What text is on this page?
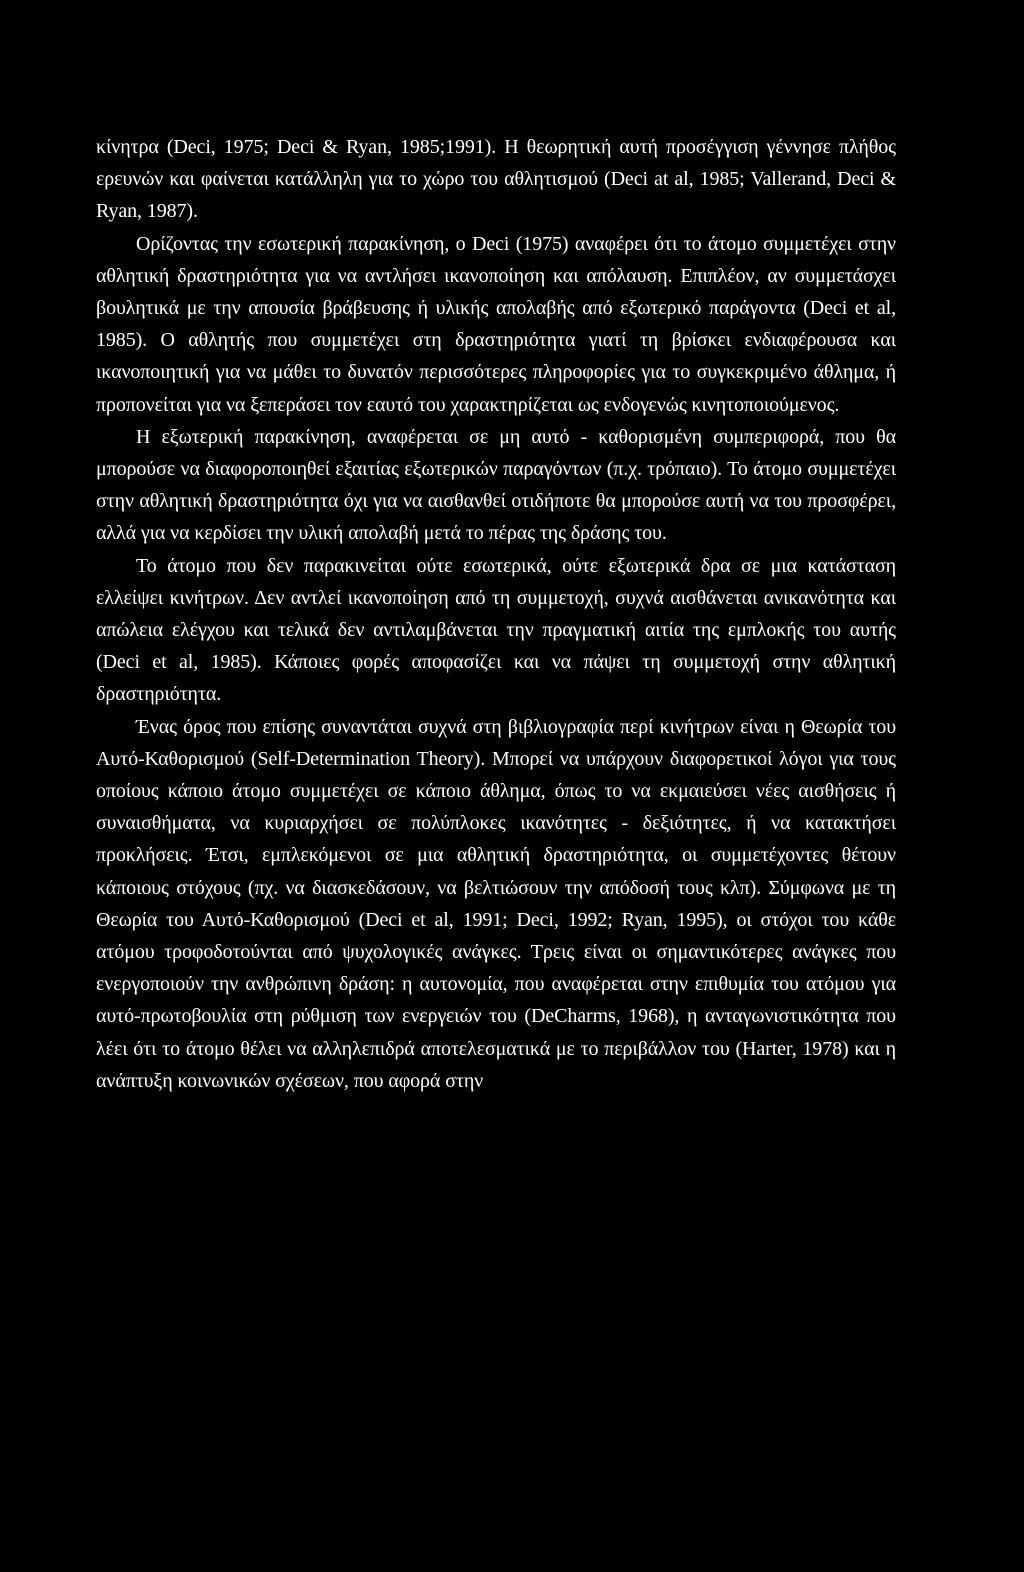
κίνητρα (Deci, 1975; Deci & Ryan, 1985;1991). Η θεωρητική αυτή προσέγγιση γέννησε πλήθος ερευνών και φαίνεται κατάλληλη για το χώρο του αθλητισμού (Deci at al, 1985; Vallerand, Deci & Ryan, 1987).

Ορίζοντας την εσωτερική παρακίνηση, ο Deci (1975) αναφέρει ότι το άτομο συμμετέχει στην αθλητική δραστηριότητα για να αντλήσει ικανοποίηση και απόλαυση. Επιπλέον, αν συμμετάσχει βουλητικά με την απουσία βράβευσης ή υλικής απολαβής από εξωτερικό παράγοντα (Deci et al, 1985). Ο αθλητής που συμμετέχει στη δραστηριότητα γιατί τη βρίσκει ενδιαφέρουσα και ικανοποιητική για να μάθει το δυνατόν περισσότερες πληροφορίες για το συγκεκριμένο άθλημα, ή προπονείται για να ξεπεράσει τον εαυτό του χαρακτηρίζεται ως ενδογενώς κινητοποιούμενος.

Η εξωτερική παρακίνηση, αναφέρεται σε μη αυτό - καθορισμένη συμπεριφορά, που θα μπορούσε να διαφοροποιηθεί εξαιτίας εξωτερικών παραγόντων (π.χ. τρόπαιο). Το άτομο συμμετέχει στην αθλητική δραστηριότητα όχι για να αισθανθεί οτιδήποτε θα μπορούσε αυτή να του προσφέρει, αλλά για να κερδίσει την υλική απολαβή μετά το πέρας της δράσης του.

Το άτομο που δεν παρακινείται ούτε εσωτερικά, ούτε εξωτερικά δρα σε μια κατάσταση ελλείψει κινήτρων. Δεν αντλεί ικανοποίηση από τη συμμετοχή, συχνά αισθάνεται ανικανότητα και απώλεια ελέγχου και τελικά δεν αντιλαμβάνεται την πραγματική αιτία της εμπλοκής του αυτής (Deci et al, 1985). Κάποιες φορές αποφασίζει και να πάψει τη συμμετοχή στην αθλητική δραστηριότητα.

Ένας όρος που επίσης συναντάται συχνά στη βιβλιογραφία περί κινήτρων είναι η Θεωρία του Αυτό-Καθορισμού (Self-Determination Theory). Μπορεί να υπάρχουν διαφορετικοί λόγοι για τους οποίους κάποιο άτομο συμμετέχει σε κάποιο άθλημα, όπως το να εκμαιεύσει νέες αισθήσεις ή συναισθήματα, να κυριαρχήσει σε πολύπλοκες ικανότητες - δεξιότητες, ή να κατακτήσει προκλήσεις. Έτσι, εμπλεκόμενοι σε μια αθλητική δραστηριότητα, οι συμμετέχοντες θέτουν κάποιους στόχους (πχ. να διασκεδάσουν, να βελτιώσουν την απόδοσή τους κλπ). Σύμφωνα με τη Θεωρία του Αυτό-Καθορισμού (Deci et al, 1991; Deci, 1992; Ryan, 1995), οι στόχοι του κάθε ατόμου τροφοδοτούνται από ψυχολογικές ανάγκες. Τρεις είναι οι σημαντικότερες ανάγκες που ενεργοποιούν την ανθρώπινη δράση: η αυτονομία, που αναφέρεται στην επιθυμία του ατόμου για αυτό-πρωτοβουλία στη ρύθμιση των ενεργειών του (DeCharms, 1968), η ανταγωνιστικότητα που λέει ότι το άτομο θέλει να αλληλεπιδρά αποτελεσματικά με το περιβάλλον του (Harter, 1978) και η ανάπτυξη κοινωνικών σχέσεων, που αφορά στην
